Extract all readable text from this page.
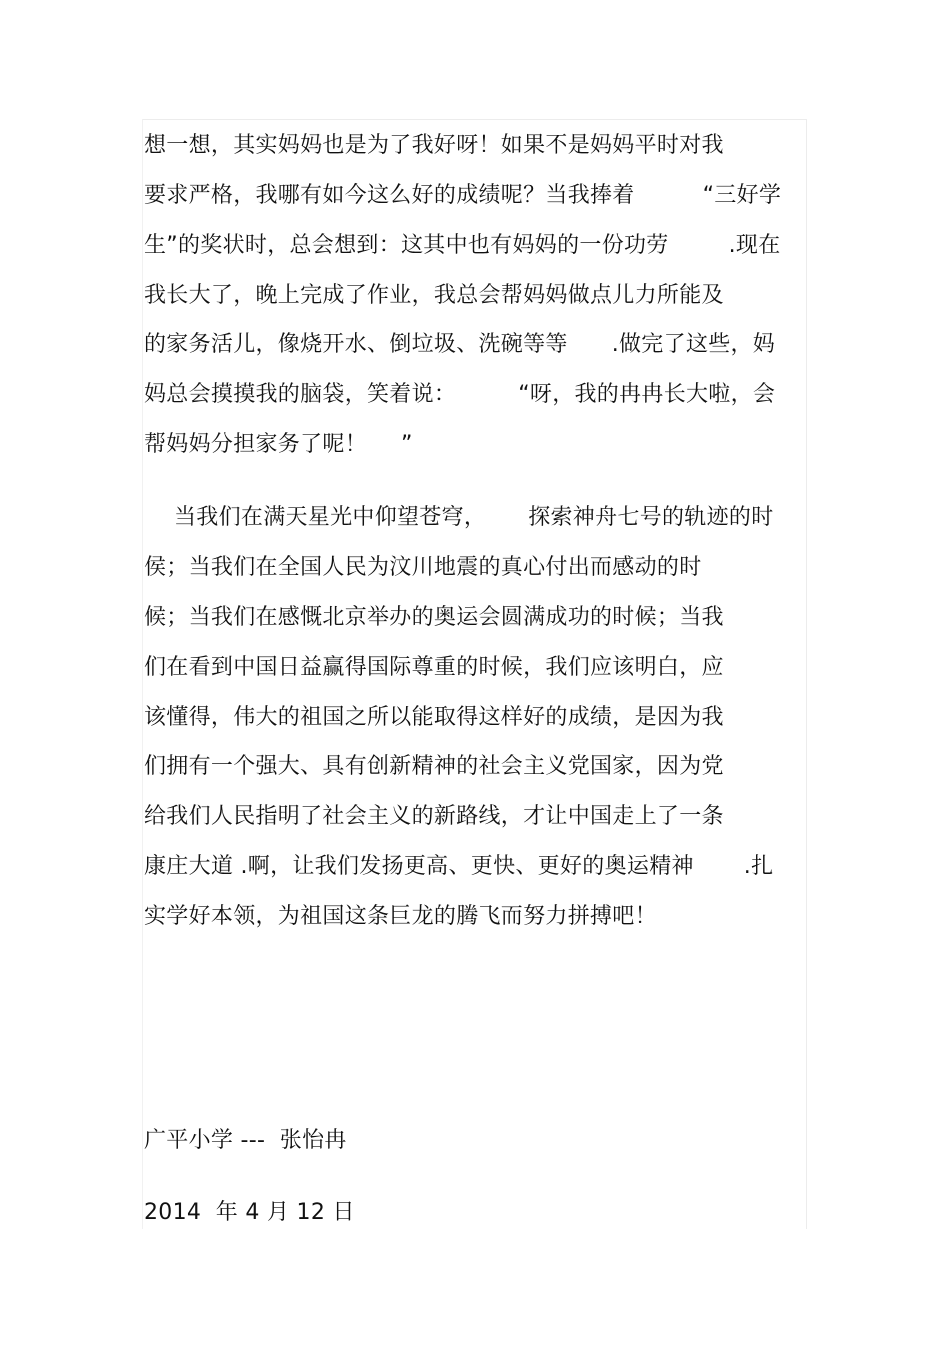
想一想，其实妈妈也是为了我好呀！如果不是妈妈平时对我
要求严格，我哪有如今这么好的成绩呢？当我捧着	“三好学
生”的奖状时，总会想到：这其中也有妈妈的一份功劳	.现在
我长大了，晚上完成了作业，我总会帮妈妈做点儿力所能及
的家务活儿，像烧开水、倒垃圾、洗碗等等 .做完了这些，妈
妈总会摸摸我的脑袋，笑着说：	“呀，我的冉冉长大啦，会
帮妈妈分担家务了呢！ ”
当我们在满天星光中仰望苍穹， 探索神舟七号的轨迹的时
侯；当我们在全国人民为汶川地震的真心付出而感动的时
候；当我们在感慨北京举办的奥运会圆满成功的时候；当我
们在看到中国日益赢得国际尊重的时候，我们应该明白，应
该懂得，伟大的祖国之所以能取得这样好的成绩，是因为我
们拥有一个强大、具有创新精神的社会主义党国家，因为党
给我们人民指明了社会主义的新路线，才让中国走上了一条
康庄大道 .啊，让我们发扬更高、更快、更好的奥运精神 .扎
实学好本领，为祖国这条巨龙的腾飞而努力拼搏吧！
广平小学 ---  张怡冉
2014  年 4 月 12 日
